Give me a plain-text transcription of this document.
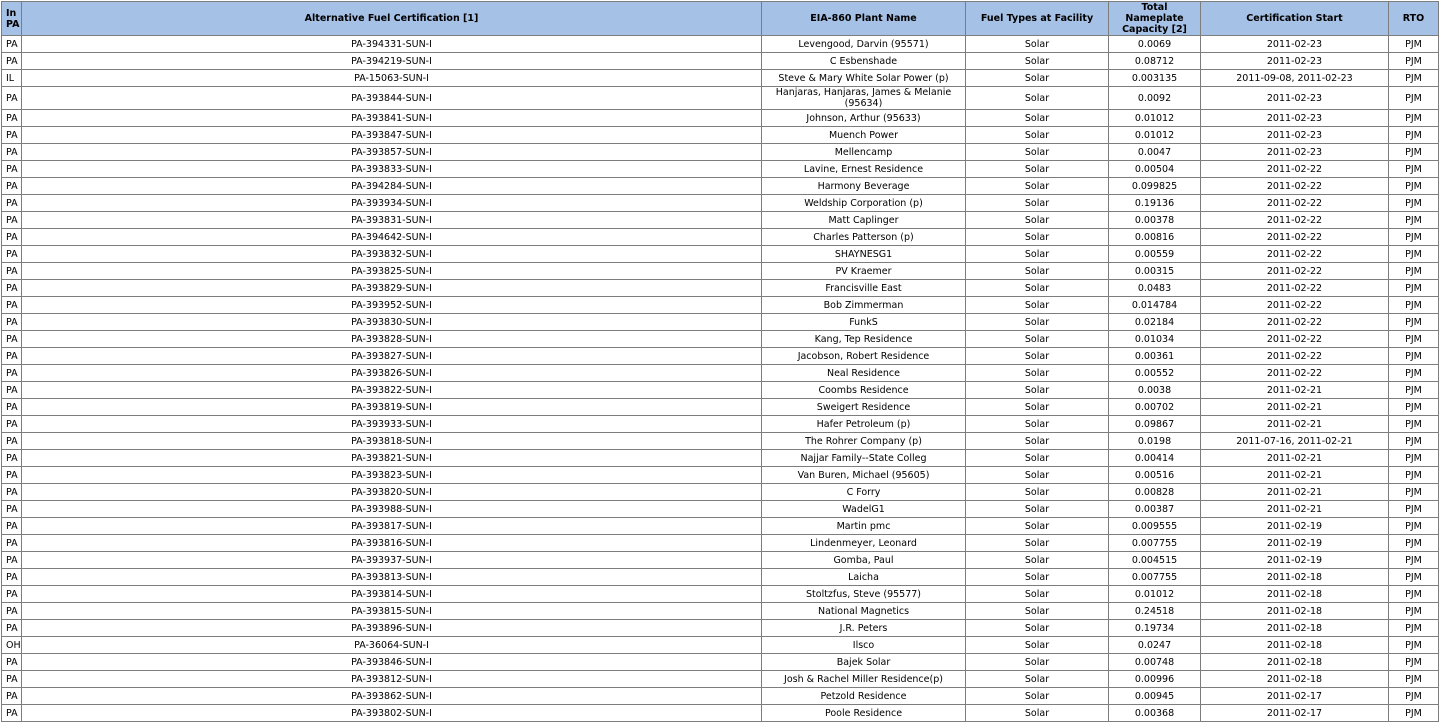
In PA	Alternative Fuel Certification [1]	EIA-860 Plant Name	Fuel Types at Facility	Total Nameplate Capacity [2]	Certification Start	RTO
PA	PA-394331-SUN-I	Levengood, Darvin (95571)	Solar	0.0069	2011-02-23	PJM
PA	PA-394219-SUN-I	C Esbenshade	Solar	0.08712	2011-02-23	PJM
IL	PA-15063-SUN-I	Steve & Mary White Solar Power (p)	Solar	0.003135	2011-09-08, 2011-02-23	PJM
PA	PA-393844-SUN-I	Hanjaras, Hanjaras, James & Melanie (95634)	Solar	0.0092	2011-02-23	PJM
PA	PA-393841-SUN-I	Johnson, Arthur (95633)	Solar	0.01012	2011-02-23	PJM
PA	PA-393847-SUN-I	Muench Power	Solar	0.01012	2011-02-23	PJM
PA	PA-393857-SUN-I	Mellencamp	Solar	0.0047	2011-02-23	PJM
PA	PA-393833-SUN-I	Lavine, Ernest Residence	Solar	0.00504	2011-02-22	PJM
PA	PA-394284-SUN-I	Harmony Beverage	Solar	0.099825	2011-02-22	PJM
PA	PA-393934-SUN-I	Weldship Corporation (p)	Solar	0.19136	2011-02-22	PJM
PA	PA-393831-SUN-I	Matt Caplinger	Solar	0.00378	2011-02-22	PJM
PA	PA-394642-SUN-I	Charles Patterson (p)	Solar	0.00816	2011-02-22	PJM
PA	PA-393832-SUN-I	SHAYNESG1	Solar	0.00559	2011-02-22	PJM
PA	PA-393825-SUN-I	PV Kraemer	Solar	0.00315	2011-02-22	PJM
PA	PA-393829-SUN-I	Francisville East	Solar	0.0483	2011-02-22	PJM
PA	PA-393952-SUN-I	Bob Zimmerman	Solar	0.014784	2011-02-22	PJM
PA	PA-393830-SUN-I	FunkS	Solar	0.02184	2011-02-22	PJM
PA	PA-393828-SUN-I	Kang, Tep Residence	Solar	0.01034	2011-02-22	PJM
PA	PA-393827-SUN-I	Jacobson, Robert Residence	Solar	0.00361	2011-02-22	PJM
PA	PA-393826-SUN-I	Neal Residence	Solar	0.00552	2011-02-22	PJM
PA	PA-393822-SUN-I	Coombs Residence	Solar	0.0038	2011-02-21	PJM
PA	PA-393819-SUN-I	Sweigert Residence	Solar	0.00702	2011-02-21	PJM
PA	PA-393933-SUN-I	Hafer Petroleum (p)	Solar	0.09867	2011-02-21	PJM
PA	PA-393818-SUN-I	The Rohrer Company (p)	Solar	0.0198	2011-07-16, 2011-02-21	PJM
PA	PA-393821-SUN-I	Najjar Family--State Colleg	Solar	0.00414	2011-02-21	PJM
PA	PA-393823-SUN-I	Van Buren, Michael (95605)	Solar	0.00516	2011-02-21	PJM
PA	PA-393820-SUN-I	C Forry	Solar	0.00828	2011-02-21	PJM
PA	PA-393988-SUN-I	WadelG1	Solar	0.00387	2011-02-21	PJM
PA	PA-393817-SUN-I	Martin pmc	Solar	0.009555	2011-02-19	PJM
PA	PA-393816-SUN-I	Lindenmeyer, Leonard	Solar	0.007755	2011-02-19	PJM
PA	PA-393937-SUN-I	Gomba, Paul	Solar	0.004515	2011-02-19	PJM
PA	PA-393813-SUN-I	Laicha	Solar	0.007755	2011-02-18	PJM
PA	PA-393814-SUN-I	Stoltzfus, Steve (95577)	Solar	0.01012	2011-02-18	PJM
PA	PA-393815-SUN-I	National Magnetics	Solar	0.24518	2011-02-18	PJM
PA	PA-393896-SUN-I	J.R. Peters	Solar	0.19734	2011-02-18	PJM
OH	PA-36064-SUN-I	Ilsco	Solar	0.0247	2011-02-18	PJM
PA	PA-393846-SUN-I	Bajek Solar	Solar	0.00748	2011-02-18	PJM
PA	PA-393812-SUN-I	Josh & Rachel Miller Residence(p)	Solar	0.00996	2011-02-18	PJM
PA	PA-393862-SUN-I	Petzold Residence	Solar	0.00945	2011-02-17	PJM
PA	PA-393802-SUN-I	Poole Residence	Solar	0.00368	2011-02-17	PJM
